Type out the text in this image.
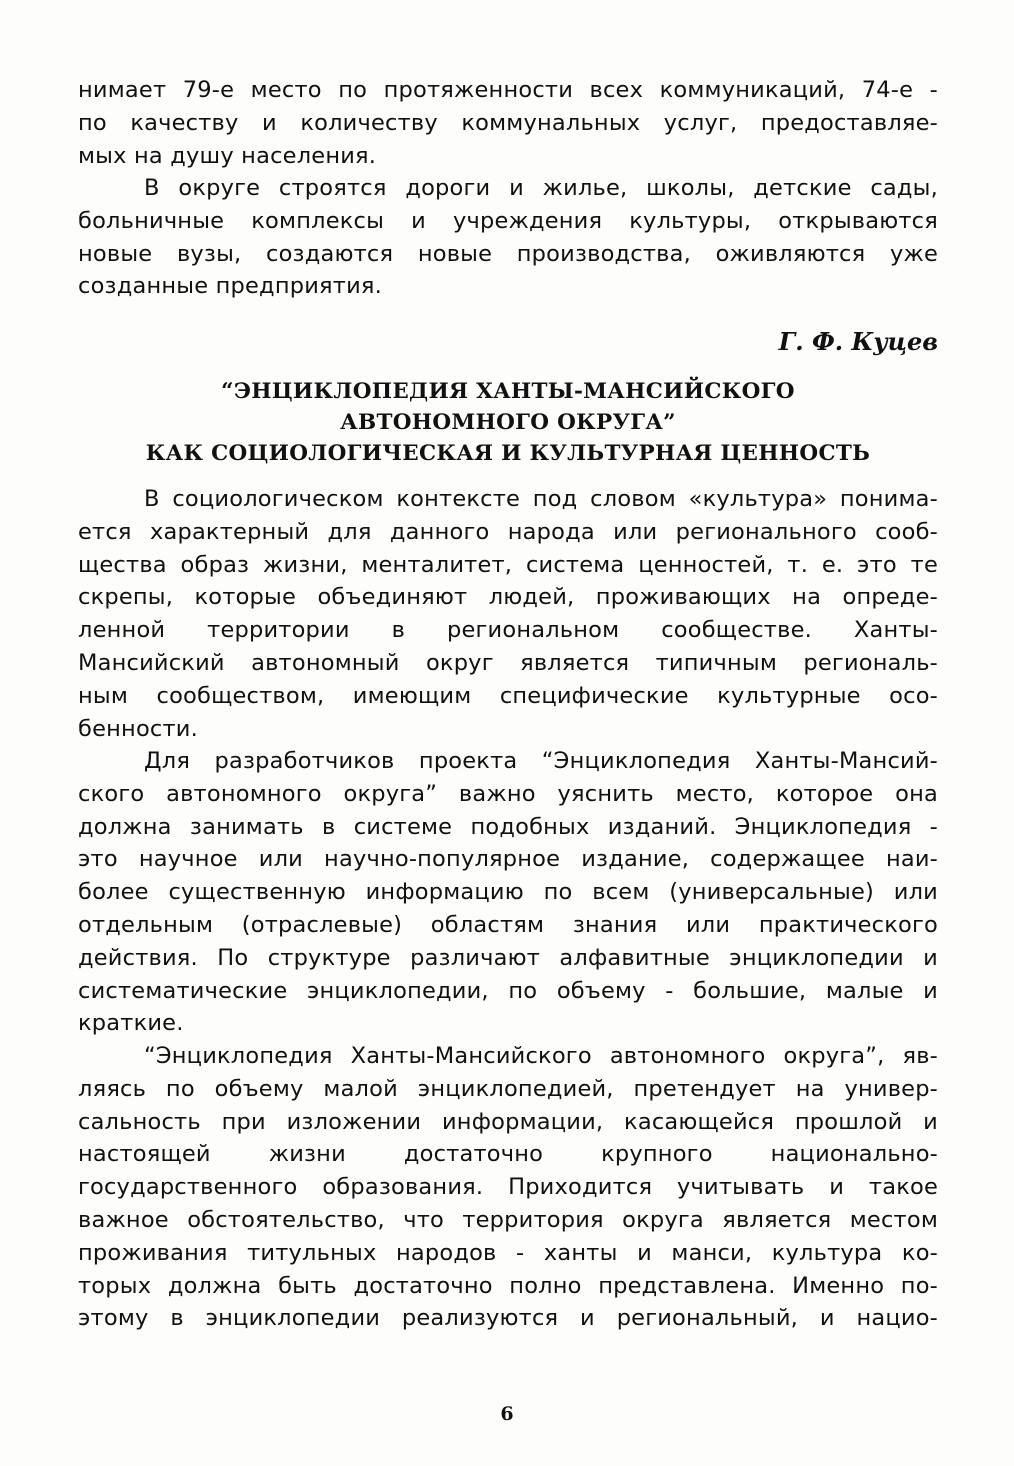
нимает 79-е место по протяженности всех коммуникаций, 74-е -
по качеству и количеству коммунальных услуг, предоставляе-
мых на душу населения.
В округе строятся дороги и жилье, школы, детские сады,
больничные комплексы и учреждения культуры, открываются
новые вузы, создаются новые производства, оживляются уже
созданные предприятия.
Г. Ф. Куцев
“ЭНЦИКЛОПЕДИЯ ХАНТЫ-МАНСИЙСКОГО
АВТОНОМНОГО ОКРУГА”
КАК СОЦИОЛОГИЧЕСКАЯ И КУЛЬТУРНАЯ ЦЕННОСТЬ
В социологическом контексте под словом «культура» понима-
ется характерный для данного народа или регионального сооб-
щества образ жизни, менталитет, система ценностей, т. е. это те
скрепы, которые объединяют людей, проживающих на опреде-
ленной территории в региональном сообществе. Ханты-
Мансийский автономный округ является типичным региональ-
ным сообществом, имеющим специфические культурные осо-
бенности.
Для разработчиков проекта “Энциклопедия Ханты-Мансий-
ского автономного округа” важно уяснить место, которое она
должна занимать в системе подобных изданий. Энциклопедия -
это научное или научно-популярное издание, содержащее наи-
более существенную информацию по всем (универсальные) или
отдельным (отраслевые) областям знания или практического
действия. По структуре различают алфавитные энциклопедии и
систематические энциклопедии, по объему - большие, малые и
краткие.
“Энциклопедия Ханты-Мансийского автономного округа”, яв-
ляясь по объему малой энциклопедией, претендует на универ-
сальность при изложении информации, касающейся прошлой и
настоящей жизни достаточно крупного национально-
государственного образования. Приходится учитывать и такое
важное обстоятельство, что территория округа является местом
проживания титульных народов - ханты и манси, культура ко-
торых должна быть достаточно полно представлена. Именно по-
этому в энциклопедии реализуются и региональный, и нацио-
6
